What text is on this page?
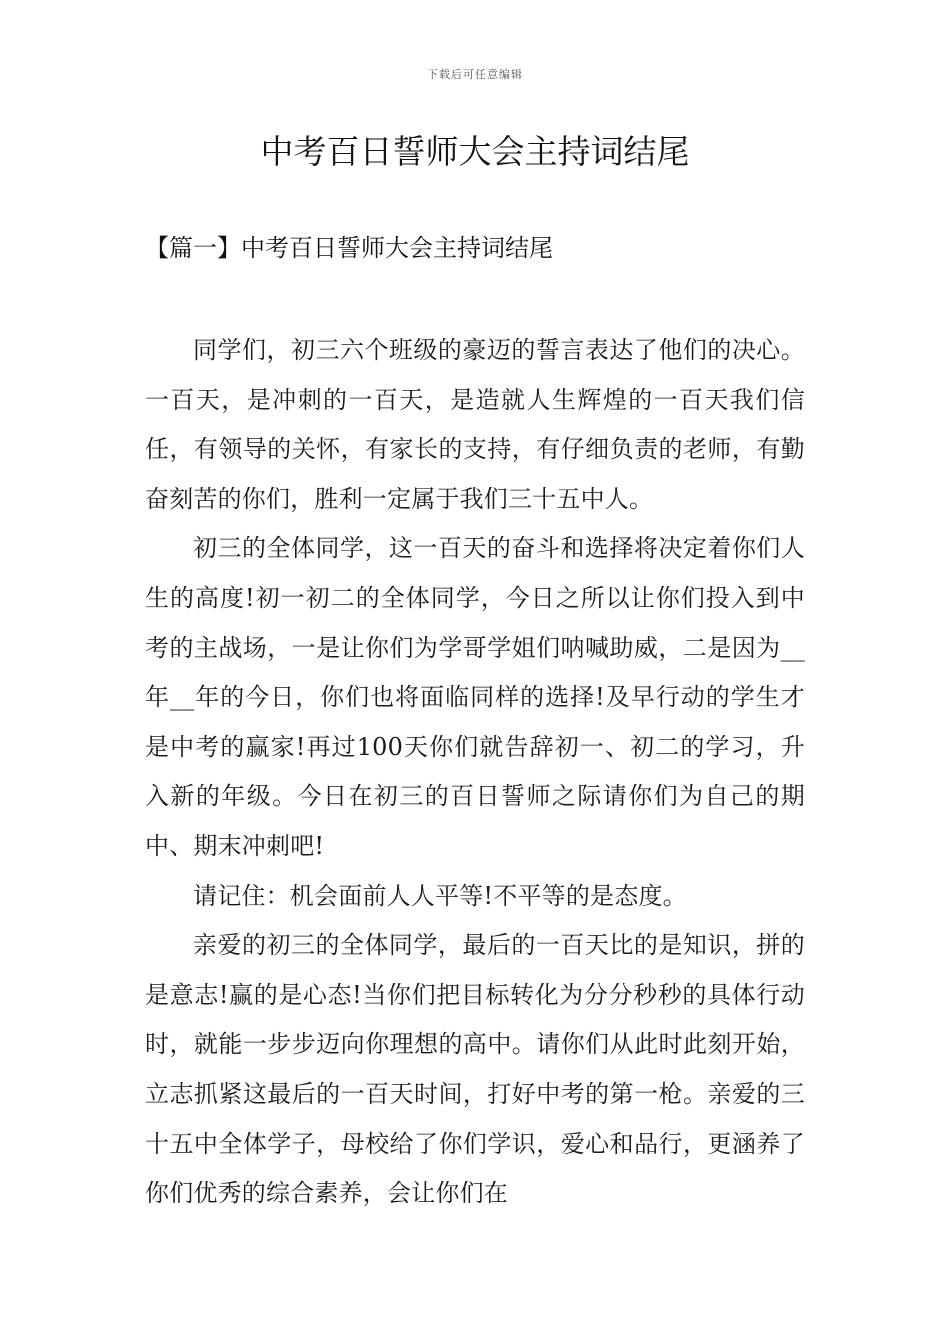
下载后可任意编辑
中考百日誓师大会主持词结尾
【篇一】中考百日誓师大会主持词结尾

同学们，初三六个班级的豪迈的誓言表达了他们的决心。一百天，是冲刺的一百天，是造就人生辉煌的一百天我们信任，有领导的关怀，有家长的支持，有仔细负责的老师，有勤奋刻苦的你们，胜利一定属于我们三十五中人。

初三的全体同学，这一百天的奋斗和选择将决定着你们人生的高度!初一初二的全体同学，今日之所以让你们投入到中考的主战场，一是让你们为学哥学姐们呐喊助威，二是因为__年__年的今日，你们也将面临同样的选择!及早行动的学生才是中考的赢家!再过100天你们就告辞初一、初二的学习，升入新的年级。今日在初三的百日誓师之际请你们为自己的期中、期末冲刺吧!

请记住：机会面前人人平等!不平等的是态度。

亲爱的初三的全体同学，最后的一百天比的是知识，拼的是意志!赢的是心态!当你们把目标转化为分分秒秒的具体行动时，就能一步步迈向你理想的高中。请你们从此时此刻开始，立志抓紧这最后的一百天时间，打好中考的第一枪。亲爱的三十五中全体学子，母校给了你们学识，爱心和品行，更涵养了你们优秀的综合素养，会让你们在
